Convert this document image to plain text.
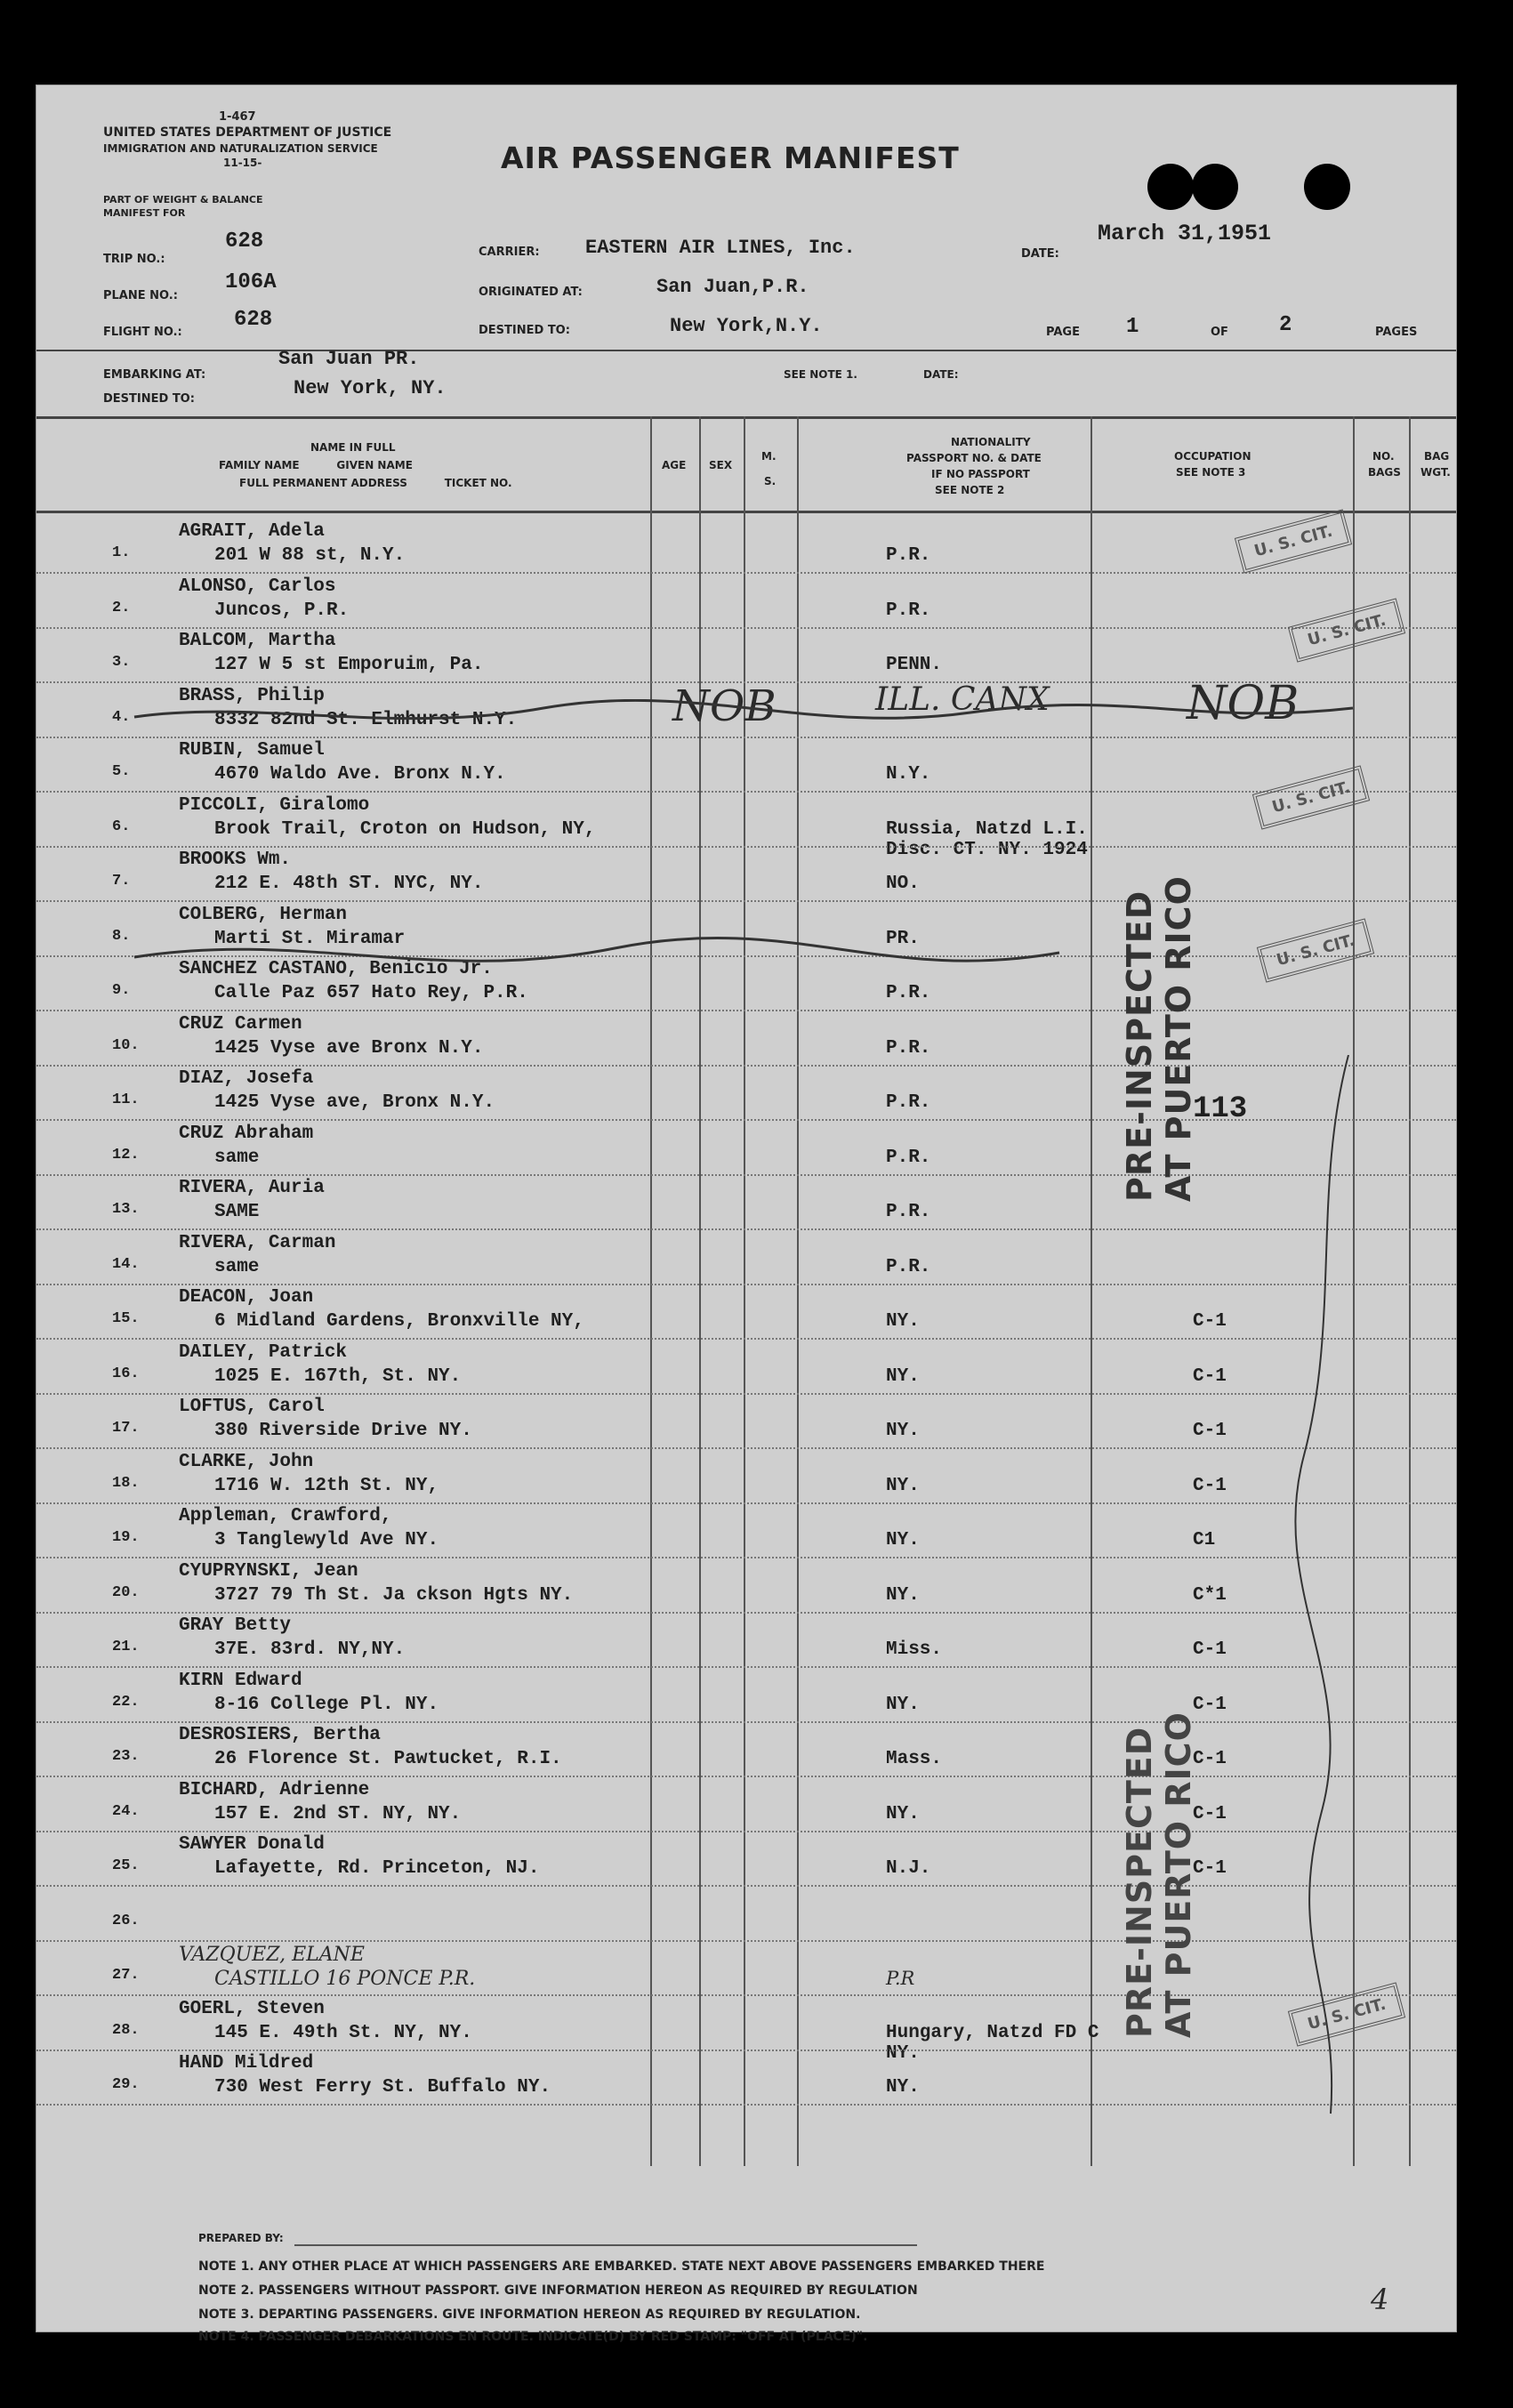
1-467
UNITED STATES DEPARTMENT OF JUSTICE
IMMIGRATION AND NATURALIZATION SERVICE
11-15-	AIR PASSENGER MANIFEST
PART OF WEIGHT & BALANCE
MANIFEST FOR
TRIP NO.:
628
PLANE NO.:
106A
FLIGHT NO.:
628
CARRIER: EASTERN AIR LINES, Inc.
ORIGINATED AT:	San Juan,P.R.
DESTINED TO:	New York,N.Y.
DATE:
March 31,1951
PAGE 1	OF 2	PAGES
EMBARKING AT:
San Juan PR.
DESTINED TO:	New York, NY.
SEE NOTE 1.	DATE:
NAME IN FULL
FAMILY NAME          GIVEN NAME
FULL PERMANENT ADDRESS          TICKET NO.
AGE SEX
M.
S.
NATIONALITY
PASSPORT NO. & DATE
IF NO PASSPORT
SEE NOTE 2
OCCUPATION
SEE NOTE 3
NO.
BAGS
BAG
WGT.
1.
AGRAIT, Adela
201 W 88 st, N.Y.	P.R.
2.
ALONSO, Carlos
Juncos, P.R.	P.R.
3.
BALCOM, Martha
127 W 5 st Emporuim, Pa.	PENN.
4.
BRASS, Philip
8332 82nd St. Elmhurst N.Y.
5.
RUBIN, Samuel
4670 Waldo Ave. Bronx N.Y.	N.Y.
6.
PICCOLI, Giralomo
Brook Trail, Croton on Hudson, NY,	Russia, Natzd L.I.
Disc. CT. NY. 1924
7.
BROOKS Wm.
212 E. 48th ST. NYC, NY.	NO.
8.
COLBERG, Herman
Marti St. Miramar	PR.
9.
SANCHEZ CASTANO, Benicio Jr.
Calle Paz 657 Hato Rey, P.R.	P.R.
10.
CRUZ Carmen
1425 Vyse ave Bronx N.Y.	P.R.
11.
DIAZ, Josefa
1425 Vyse ave, Bronx N.Y.	P.R.	113
12.
CRUZ Abraham
same	P.R.
13.
RIVERA, Auria
SAME	P.R.
14.
RIVERA, Carman
same	P.R.
15.
DEACON, Joan
6 Midland Gardens, Bronxville NY,	NY.	C-1
16.
DAILEY, Patrick
1025 E. 167th, St. NY.	NY.	C-1
17.
LOFTUS, Carol
380 Riverside Drive NY.	NY.	C-1
18.
CLARKE, John
1716 W. 12th St. NY,	NY.	C-1
19.
Appleman, Crawford,
3 Tanglewyld Ave NY.	NY.	C1
20.
CYUPRYNSKI, Jean
3727 79 Th St. Ja ckson Hgts NY.	NY.	C*1
21.
GRAY Betty
37E. 83rd. NY,NY.	Miss.	C-1
22.
KIRN Edward
8-16 College Pl. NY.	NY.	C-1
23.
DESROSIERS, Bertha
26 Florence St. Pawtucket, R.I.	Mass.	C-1
24.
BICHARD, Adrienne
157 E. 2nd ST. NY, NY.	NY.	C-1
25.
SAWYER Donald
Lafayette, Rd. Princeton, NJ.	N.J.	C-1
26.
27.
VAZQUEZ, ELANE
CASTILLO 16 PONCE P.R.	P.R
28.
GOERL, Steven
145 E. 49th St. NY, NY.	Hungary, Natzd FD C
NY.
29.
HAND Mildred
730 West Ferry St. Buffalo NY.	NY.
NOB	ILL. CANX	NOB
U. S. CIT.
U. S. CIT.
U. S. CIT.
U. S. CIT.
U. S. CIT.
PRE-INSPECTED AT PUERTO RICO
PRE-INSPECTED AT PUERTO RICO
PREPARED BY:
NOTE 1. ANY OTHER PLACE AT WHICH PASSENGERS ARE EMBARKED. STATE NEXT ABOVE PASSENGERS EMBARKED THERE
NOTE 2. PASSENGERS WITHOUT PASSPORT. GIVE INFORMATION HEREON AS REQUIRED BY REGULATION
NOTE 3. DEPARTING PASSENGERS. GIVE INFORMATION HEREON AS REQUIRED BY REGULATION.
NOTE 4. PASSENGER DEBARKATIONS EN ROUTE. INDICATE(D) BY RED STAMP: "OFF AT (PLACE)".
4
